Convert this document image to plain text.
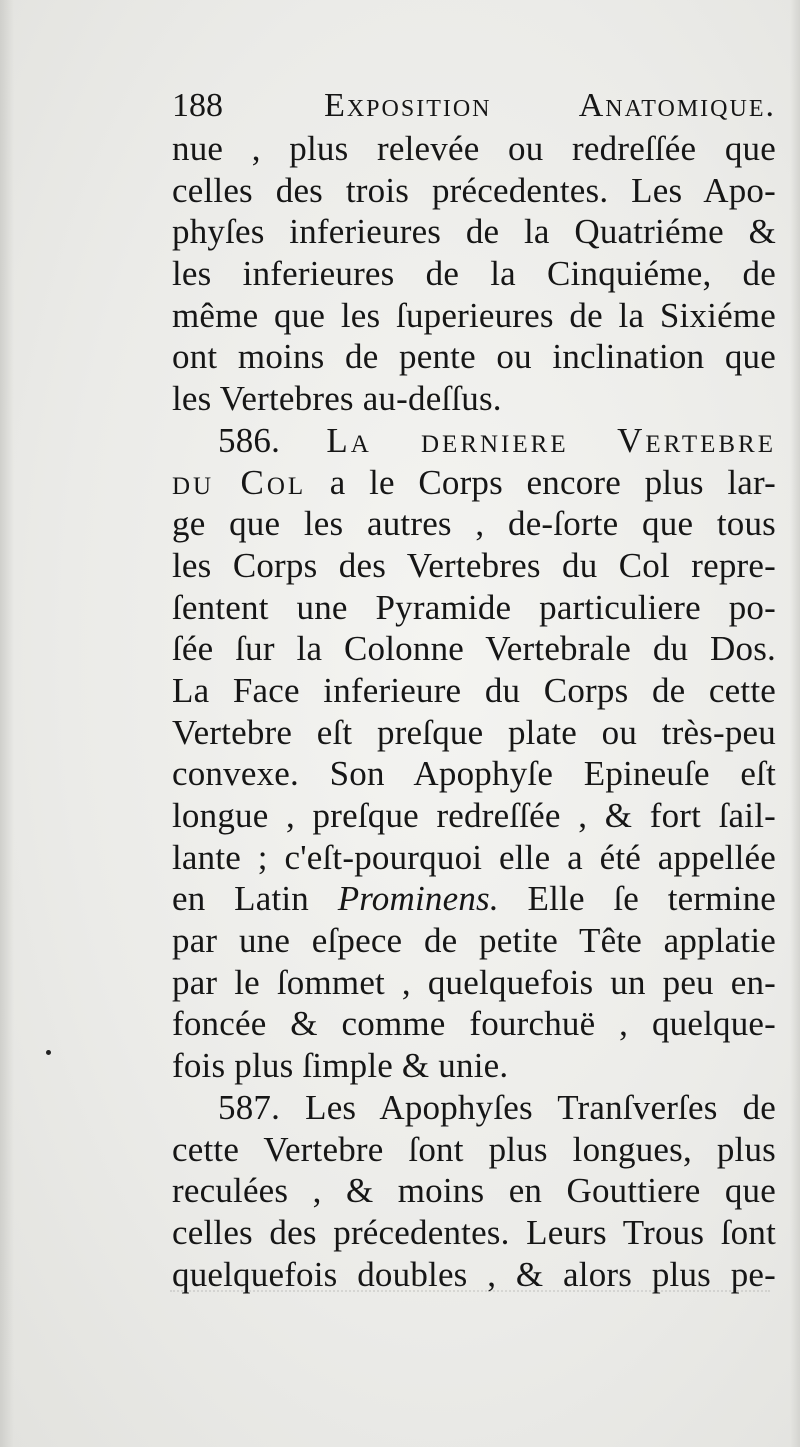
188	Exposition Anatomique.
nue , plus relevée ou redreſſée que
celles des trois précedentes. Les Apo-
phyſes inferieures de la Quatriéme &
les inferieures de la Cinquiéme, de
même que les ſuperieures de la Sixiéme
ont moins de pente ou inclination que
les Vertebres au-deſſus.
586. La derniere Vertebre
du Col a le Corps encore plus lar-
ge que les autres , de-ſorte que tous
les Corps des Vertebres du Col repre-
ſentent une Pyramide particuliere po-
ſée ſur la Colonne Vertebrale du Dos.
La Face inferieure du Corps de cette
Vertebre eſt preſque plate ou très-peu
convexe. Son Apophyſe Epineuſe eſt
longue , preſque redreſſée , & fort ſail-
lante ; c'eſt-pourquoi elle a été appellée
en Latin Prominens. Elle ſe termine
par une eſpece de petite Tête applatie
par le ſommet , quelquefois un peu en-
foncée & comme fourchuë , quelque-
fois plus ſimple & unie.
587. Les Apophyſes Tranſverſes de
cette Vertebre ſont plus longues, plus
reculées , & moins en Gouttiere que
celles des précedentes. Leurs Trous ſont
quelquefois doubles , & alors plus pe-
